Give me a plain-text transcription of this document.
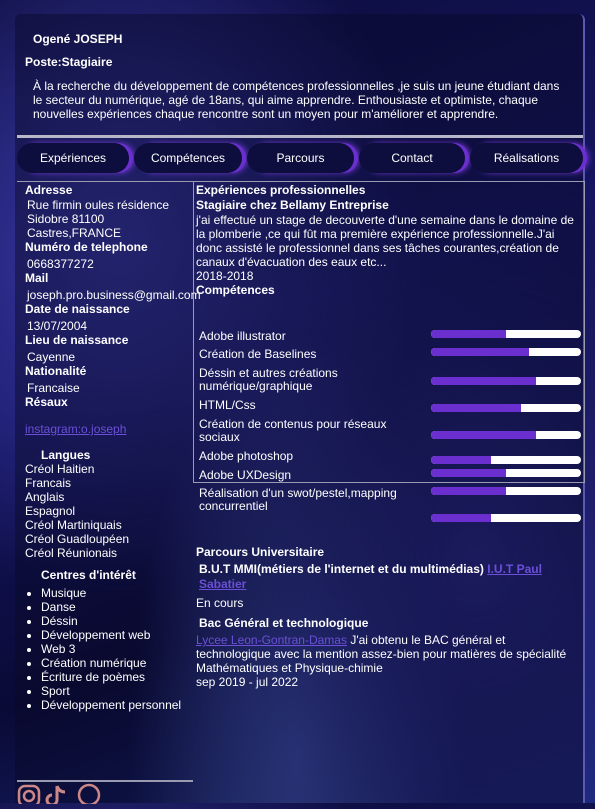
Ogené JOSEPH
Poste:Stagiaire
À la recherche du développement de compétences professionnelles ,je suis un jeune étudiant dans le secteur du numérique, agé de 18ans, qui aime apprendre. Enthousiaste et optimiste, chaque nouvelles expériences chaque rencontre sont un moyen pour m'améliorer et apprendre.
Expériences	Compétences	Parcours	Contact	Réalisations
Adresse
Rue firmin oules résidence
Sidobre 81100
Castres,FRANCE
Numéro de telephone
0668377272
Mail
joseph.pro.business@gmail.com
Date de naissance
13/07/2004
Lieu de naissance
Cayenne
Nationalité
Francaise
Résaux
instagram:o.joseph
Langues
Créol Haitien
Francais
Anglais
Espagnol
Créol Martiniquais
Créol Guadloupéen
Créol Réunionais
Centres d'intérêt
• Musique
• Danse
• Déssin
• Développement web
• Web 3
• Création numérique
• Écriture de poèmes
• Sport
• Développement personnel
Expériences professionnelles
Stagiaire chez Bellamy Entreprise
j'ai effectué un stage de decouverte d'une semaine dans le domaine de la plomberie ,ce qui fût ma première expérience professionnelle.J'ai donc assisté le professionnel dans ses tâches courantes,création de canaux d'évacuation des eaux etc...
2018-2018
Compétences
Adobe illustrator
Création de Baselines
Déssin et autres créations numérique/graphique
HTML/Css
Création de contenus pour réseaux sociaux
Adobe photoshop
Adobe UXDesign
Réalisation d'un swot/pestel,mapping concurrentiel
Parcours Universitaire
B.U.T MMI(métiers de l'internet et du multimédias) I.U.T Paul Sabatier
En cours
Bac Général et technologique
Lycee Leon-Gontran-Damas J'ai obtenu le BAC général et technologique avec la mention assez-bien pour matières de spécialité Mathématiques et Physique-chimie
sep 2019 - jul 2022
